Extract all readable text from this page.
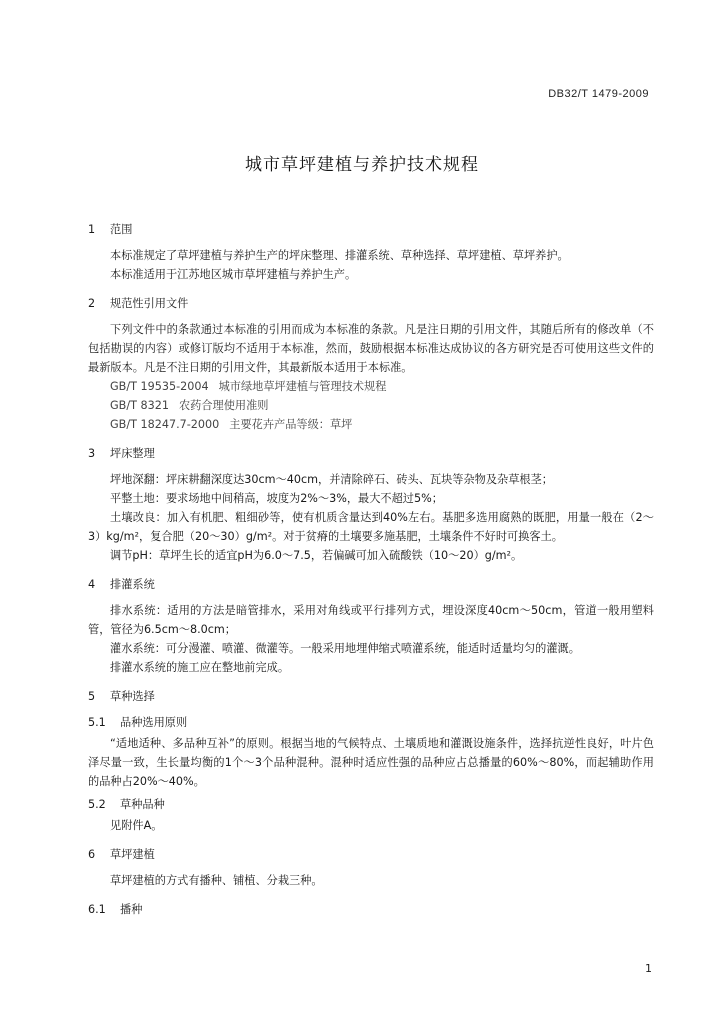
DB32/T 1479-2009
城市草坪建植与养护技术规程
1 范围
本标准规定了草坪建植与养护生产的坪床整理、排灌系统、草种选择、草坪建植、草坪养护。
本标准适用于江苏地区城市草坪建植与养护生产。
2 规范性引用文件
下列文件中的条款通过本标准的引用而成为本标准的条款。凡是注日期的引用文件，其随后所有的修改单（不包括勘误的内容）或修订版均不适用于本标准，然而，鼓励根据本标准达成协议的各方研究是否可使用这些文件的最新版本。凡是不注日期的引用文件，其最新版本适用于本标准。
GB/T 19535-2004 城市绿地草坪建植与管理技术规程
GB/T 8321 农药合理使用准则
GB/T 18247.7-2000 主要花卉产品等级：草坪
3 坪床整理
坪地深翻：坪床耕翻深度达30cm～40cm，并清除碎石、砖头、瓦块等杂物及杂草根茎；
平整土地：要求场地中间稍高，坡度为2%～3%，最大不超过5%；
土壤改良：加入有机肥、粗细砂等，使有机质含量达到40%左右。基肥多选用腐熟的既肥，用量一般在（2～3）kg/m²，复合肥（20～30）g/m²。对于贫瘠的土壤要多施基肥，土壤条件不好时可换客土。
调节pH：草坪生长的适宜pH为6.0～7.5，若偏碱可加入硫酸铁（10～20）g/m²。
4 排灌系统
排水系统：适用的方法是暗管排水，采用对角线或平行排列方式，埋设深度40cm～50cm，管道一般用塑料管，管径为6.5cm～8.0cm；
灌水系统：可分漫灌、喷灌、微灌等。一般采用地埋伸缩式喷灌系统，能适时适量均匀的灌溉。
排灌水系统的施工应在整地前完成。
5 草种选择
5.1 品种选用原则
“适地适种、多品种互补”的原则。根据当地的气候特点、土壤质地和灌溉设施条件，选择抗逆性良好，叶片色泽尽量一致，生长量均衡的1个～3个品种混种。混种时适应性强的品种应占总播量的60%～80%，而起辅助作用的品种占20%～40%。
5.2 草种品种
见附件A。
6 草坪建植
草坪建植的方式有播种、铺植、分栽三种。
6.1 播种
1
